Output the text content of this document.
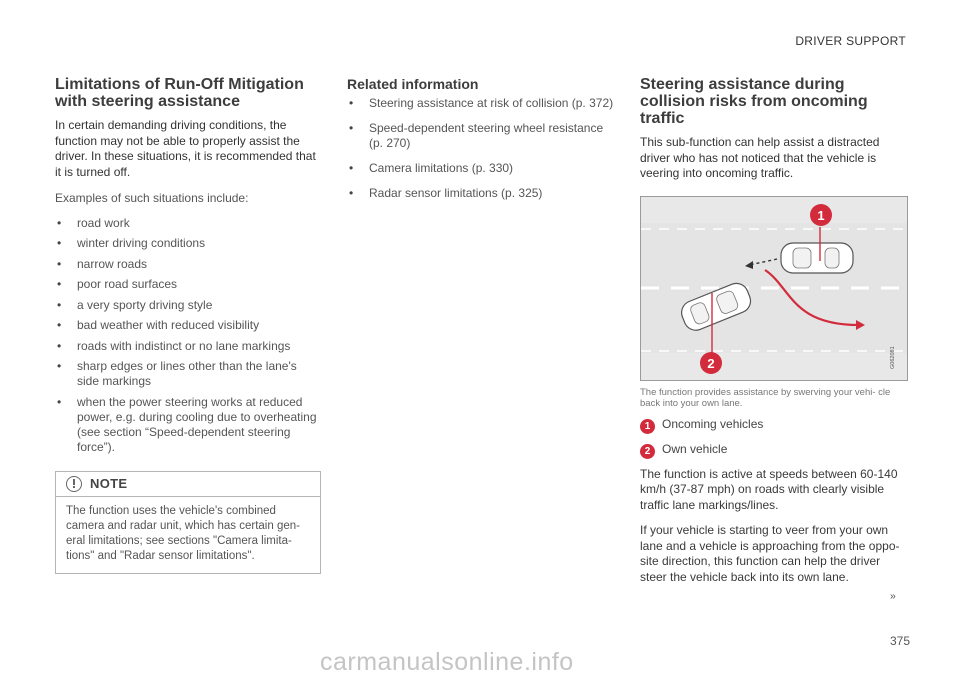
DRIVER SUPPORT
Limitations of Run-Off Mitigation with steering assistance

In certain demanding driving conditions, the function may not be able to properly assist the driver. In these situations, it is recommended that it is turned off.

Examples of such situations include:

• road work
• winter driving conditions
• narrow roads
• poor road surfaces
• a very sporty driving style
• bad weather with reduced visibility
• roads with indistinct or no lane markings
• sharp edges or lines other than the lane's side markings
• when the power steering works at reduced power, e.g. during cooling due to overheating (see section “Speed-dependent steering force”).
NOTE
The function uses the vehicle's combined camera and radar unit, which has certain gen- eral limitations; see sections "Camera limita- tions" and "Radar sensor limitations".
Related information
• Steering assistance at risk of collision (p. 372)
• Speed-dependent steering wheel resistance (p. 270)
• Camera limitations (p. 330)
• Radar sensor limitations (p. 325)
Steering assistance during collision risks from oncoming traffic

This sub-function can help assist a distracted driver who has not noticed that the vehicle is veering into oncoming traffic.

1
2	G062081
The function provides assistance by swerving your vehi- cle back into your own lane.
1 Oncoming vehicles
2 Own vehicle

The function is active at speeds between 60-140 km/h (37-87 mph) on roads with clearly visible traffic lane markings/lines.

If your vehicle is starting to veer from your own lane and a vehicle is approaching from the oppo- site direction, this function can help the driver steer the vehicle back into its own lane.

››
375
carmanualsonline.info
